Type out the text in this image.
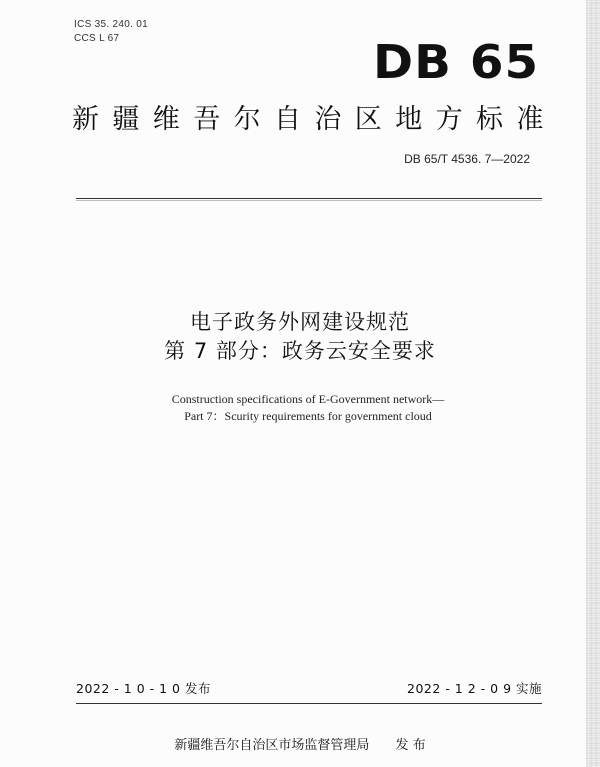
ICS 35. 240. 01
CCS L 67	DB 65
新疆维吾尔自治区地方标准
DB 65/T 4536. 7—2022
电子政务外网建设规范
第 7 部分：政务云安全要求
Construction specifications of E-Government network—
Part 7：Scurity requirements for government cloud
2022 - 1 0 - 1 0 发布	2022 - 1 2 - 0 9 实施
新疆维吾尔自治区市场监督管理局 发 布
